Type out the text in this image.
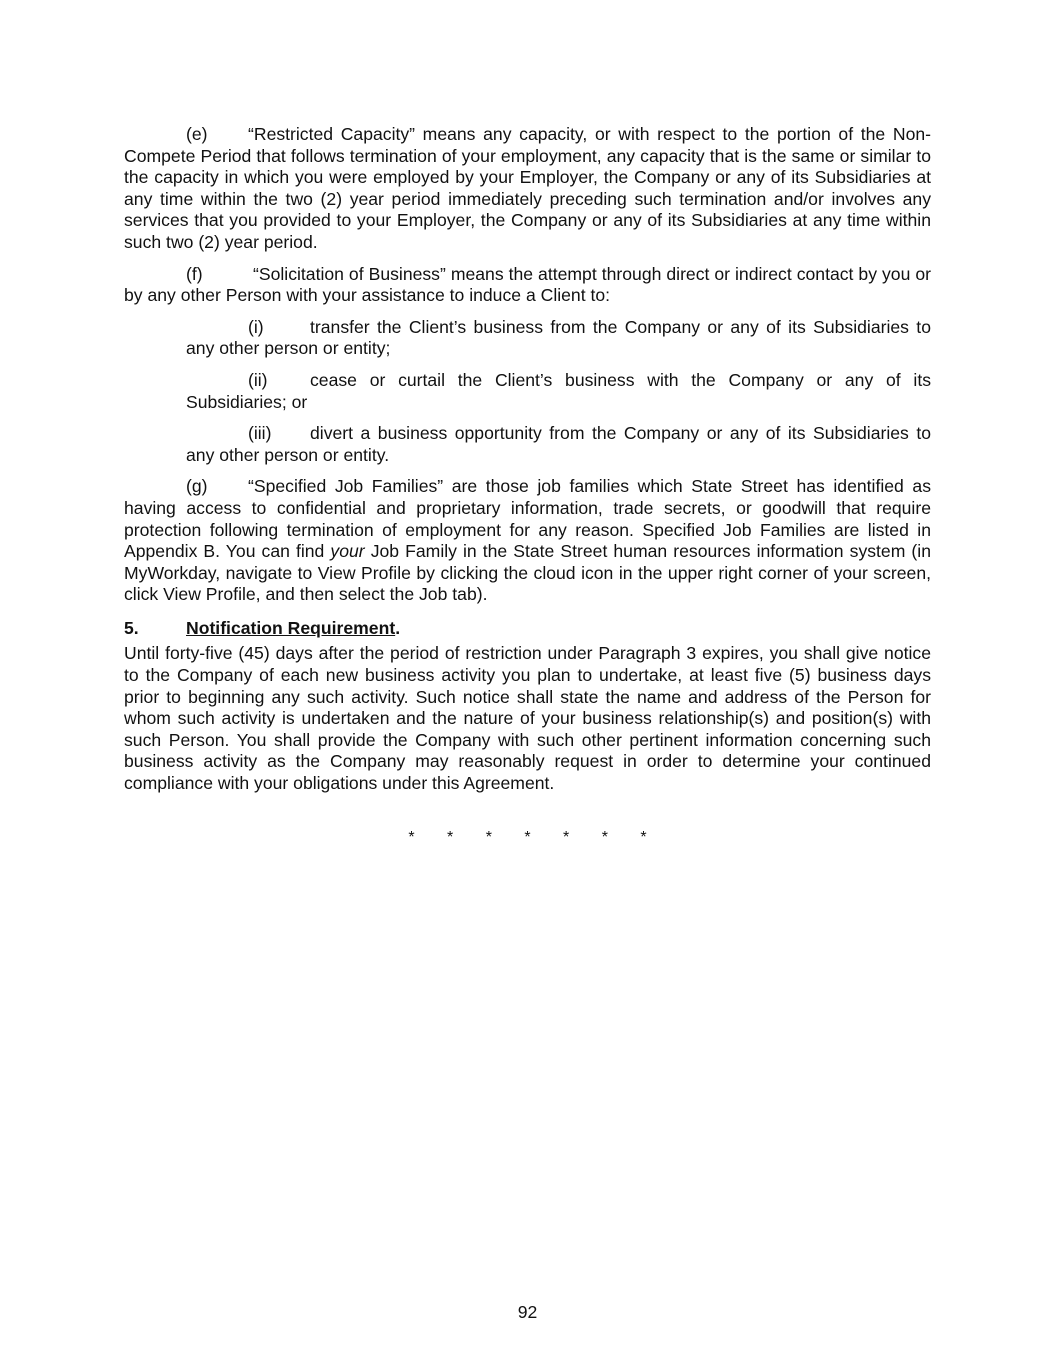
(e) “Restricted Capacity” means any capacity, or with respect to the portion of the Non-Compete Period that follows termination of your employment, any capacity that is the same or similar to the capacity in which you were employed by your Employer, the Company or any of its Subsidiaries at any time within the two (2) year period immediately preceding such termination and/or involves any services that you provided to your Employer, the Company or any of its Subsidiaries at any time within such two (2) year period.

(f)	“Solicitation of Business” means the attempt through direct or indirect contact by you or by any other Person with your assistance to induce a Client to:

(i)	transfer the Client’s business from the Company or any of its Subsidiaries to any other person or entity;

(ii) cease or curtail the Client’s business with the Company or any of its Subsidiaries; or

(iii) divert a business opportunity from the Company or any of its Subsidiaries to any other person or entity.

(g) “Specified Job Families” are those job families which State Street has identified as having access to confidential and proprietary information, trade secrets, or goodwill that require protection following termination of employment for any reason. Specified Job Families are listed in Appendix B. You can find your Job Family in the State Street human resources information system (in MyWorkday, navigate to View Profile by clicking the cloud icon in the upper right corner of your screen, click View Profile, and then select the Job tab).

5.	Notification Requirement.

Until forty-five (45) days after the period of restriction under Paragraph 3 expires, you shall give notice to the Company of each new business activity you plan to undertake, at least five (5) business days prior to beginning any such activity. Such notice shall state the name and address of the Person for whom such activity is undertaken and the nature of your business relationship(s) and position(s) with such Person. You shall provide the Company with such other pertinent information concerning such business activity as the Company may reasonably request in order to determine your continued compliance with your obligations under this Agreement.

* * * * * * *
92
